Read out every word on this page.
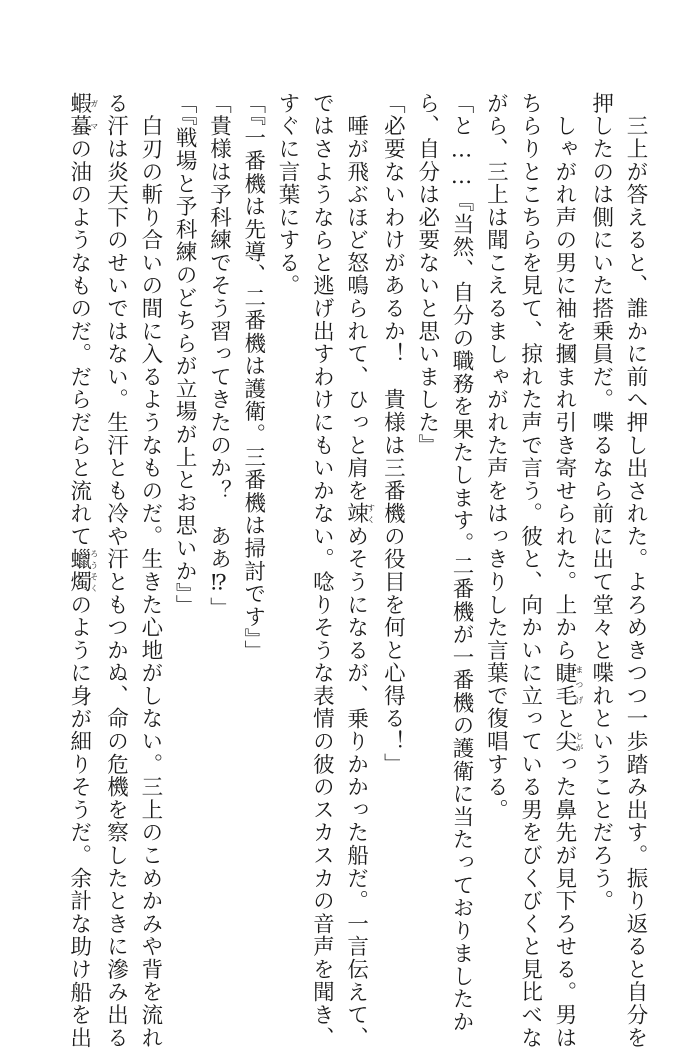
　三上が答えると、誰かに前へ押し出された。よろめきつつ一歩踏み出す。振り返ると自分を
押したのは側にいた搭乗員だ。喋るなら前に出て堂々と喋れということだろう。
　しゃがれ声の男に袖を摑まれ引き寄せられた。上から睫毛まつげと尖とがった鼻先が見下ろせる。男は
ちらりとこちらを見て、掠れた声で言う。彼と、向かいに立っている男をびくびくと見比べな
がら、三上は聞こえるましゃがれた声をはっきりした言葉で復唱する。
「と……『当然、自分の職務を果たします。二番機が一番機の護衛に当たっておりましたか
ら、自分は必要ないと思いました』
「必要ないわけがあるか！　貴様は三番機の役目を何と心得る！」
　唾が飛ぶほど怒鳴られて、ひっと肩を竦すくめそうになるが、乗りかかった船だ。一言伝えて、
ではさようならと逃げ出すわけにもいかない。唸りそうな表情の彼のスカスカの音声を聞き、
すぐに言葉にする。
「『一番機は先導、二番機は護衛。三番機は掃討です』」
「貴様は予科練でそう習ってきたのか？　ああ⁉」
「『戦場と予科練のどちらが立場が上とお思いか』」
　白刃の斬り合いの間に入るようなものだ。生きた心地がしない。三上のこめかみや背を流れ
る汗は炎天下のせいではない。生汗とも冷や汗ともつかぬ、命の危機を察したときに滲み出る
蝦蟇ガマの油のようなものだ。だらだらと流れて蠟燭ろうそくのように身が細りそうだ。余計な助け船を出
